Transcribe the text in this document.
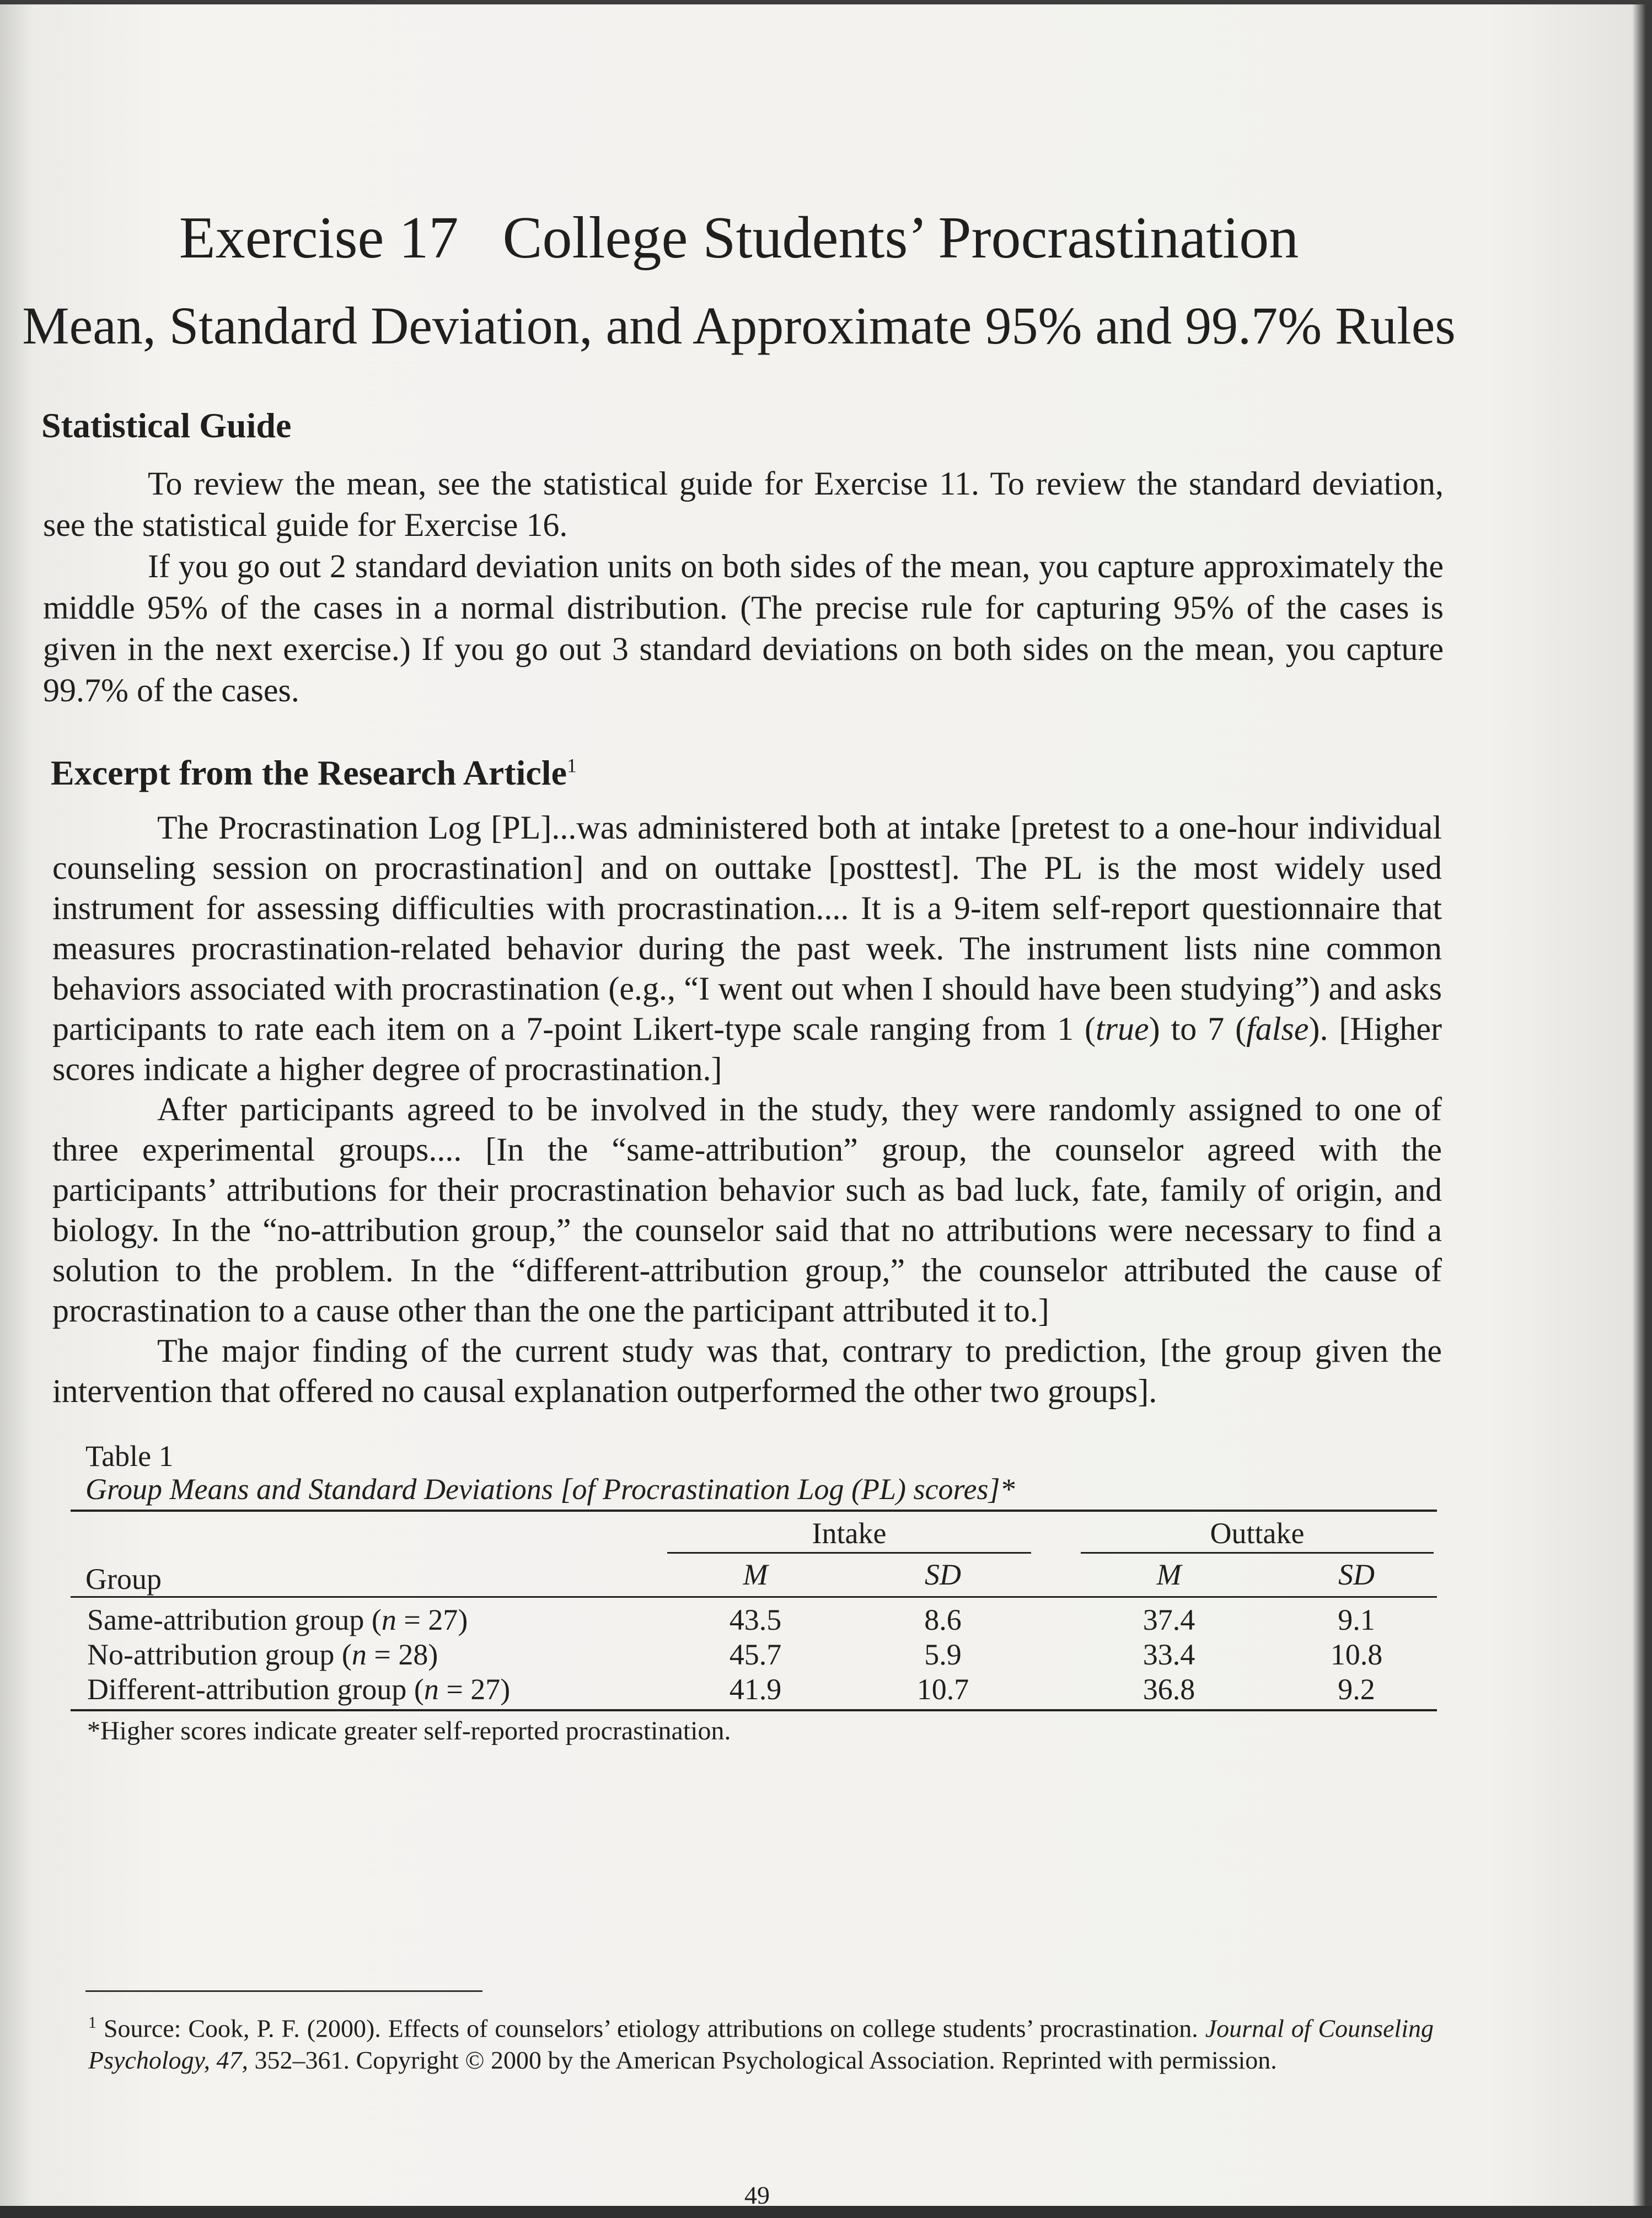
Exercise 17 College Students’ Procrastination
Mean, Standard Deviation, and Approximate 95% and 99.7% Rules
Statistical Guide

To review the mean, see the statistical guide for Exercise 11. To review the standard deviation, see the statistical guide for Exercise 16.

If you go out 2 standard deviation units on both sides of the mean, you capture approximately the middle 95% of the cases in a normal distribution. (The precise rule for capturing 95% of the cases is given in the next exercise.) If you go out 3 standard deviations on both sides on the mean, you capture 99.7% of the cases.

Excerpt from the Research Article$^1$

The Procrastination Log [PL]...was administered both at intake [pretest to a one-hour individual counseling session on procrastination] and on outtake [posttest]. The PL is the most widely used instrument for assessing difficulties with procrastination.... It is a 9-item self-report questionnaire that measures procrastination-related behavior during the past week. The instrument lists nine common behaviors associated with procrastination (e.g., “I went out when I should have been studying”) and asks participants to rate each item on a 7-point Likert-type scale ranging from 1 (true) to 7 (false). [Higher scores indicate a higher degree of procrastination.]

After participants agreed to be involved in the study, they were randomly assigned to one of three experimental groups.... [In the “same-attribution” group, the counselor agreed with the participants’ attributions for their procrastination behavior such as bad luck, fate, family of origin, and biology. In the “no-attribution group,” the counselor said that no attributions were necessary to find a solution to the problem. In the “different-attribution group,” the counselor attributed the cause of procrastination to a cause other than the one the participant attributed it to.]

The major finding of the current study was that, contrary to prediction, [the group given the intervention that offered no causal explanation outperformed the other two groups].

Table 1
Group Means and Standard Deviations [of Procrastination Log (PL) scores]*
Intake	Outtake
Group	M	SD	M	SD
Same-attribution group (n = 27)	43.5	8.6	37.4	9.1
No-attribution group (n = 28)	45.7	5.9	33.4	10.8
Different-attribution group (n = 27)	41.9	10.7	36.8	9.2
*Higher scores indicate greater self-reported procrastination.
$^1$ Source: Cook, P. F. (2000). Effects of counselors’ etiology attributions on college students’ procrastination. Journal of Counseling Psychology, 47, 352–361. Copyright © 2000 by the American Psychological Association. Reprinted with permission.
49
